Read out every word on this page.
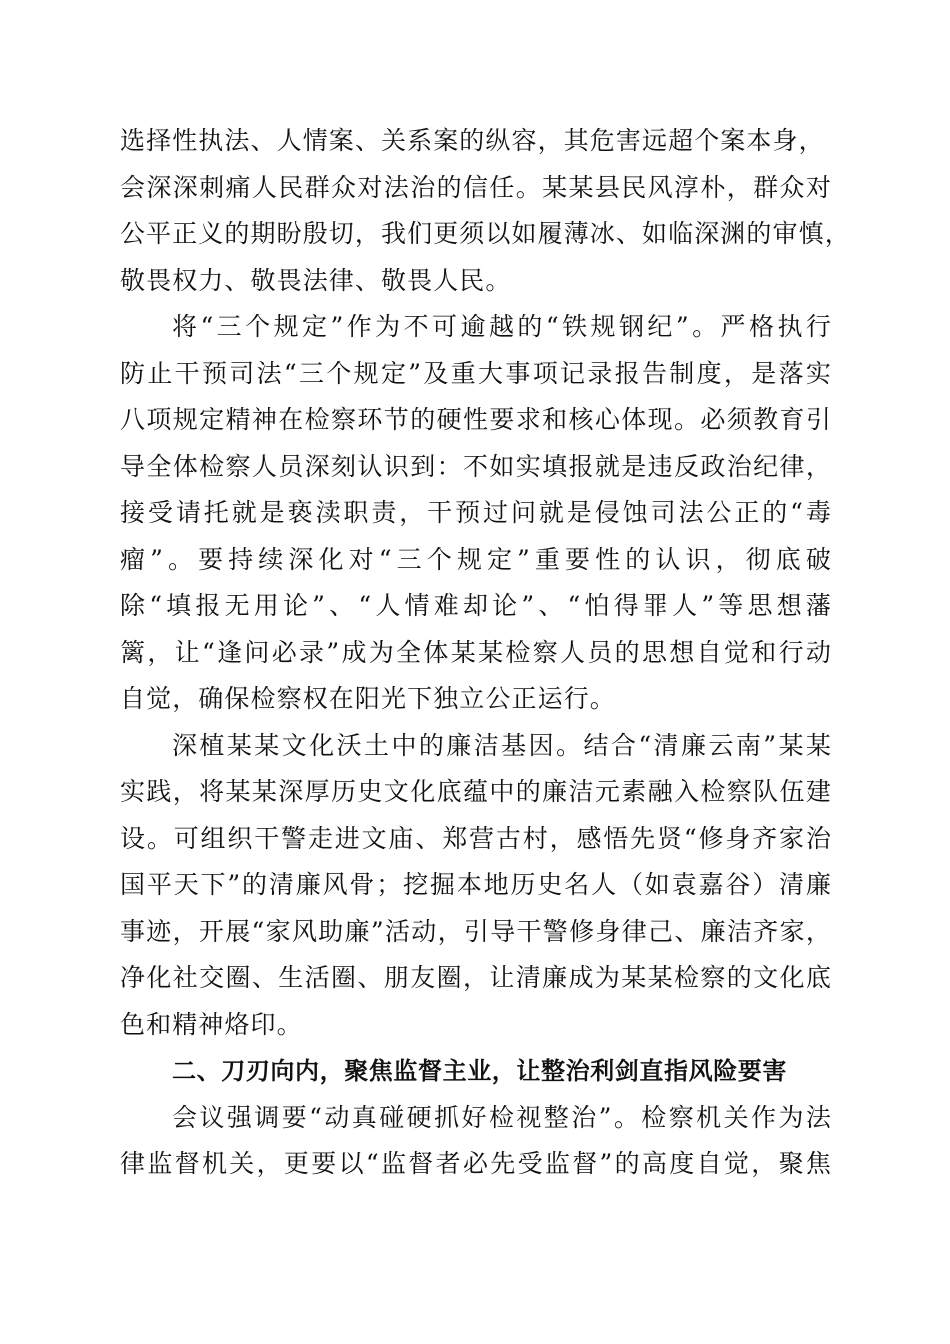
选择性执法、人情案、关系案的纵容，其危害远超个案本身，
会深深刺痛人民群众对法治的信任。某某县民风淳朴，群众对
公平正义的期盼殷切，我们更须以如履薄冰、如临深渊的审慎，
敬畏权力、敬畏法律、敬畏人民。
将“三个规定”作为不可逾越的“铁规钢纪”。严格执行
防止干预司法“三个规定”及重大事项记录报告制度，是落实
八项规定精神在检察环节的硬性要求和核心体现。必须教育引
导全体检察人员深刻认识到：不如实填报就是违反政治纪律，
接受请托就是亵渎职责，干预过问就是侵蚀司法公正的“毒
瘤”。要持续深化对“三个规定”重要性的认识，彻底破
除“填报无用论”、“人情难却论”、“怕得罪人”等思想藩
篱，让“逢问必录”成为全体某某检察人员的思想自觉和行动
自觉，确保检察权在阳光下独立公正运行。
深植某某文化沃土中的廉洁基因。结合“清廉云南”某某
实践，将某某深厚历史文化底蕴中的廉洁元素融入检察队伍建
设。可组织干警走进文庙、郑营古村，感悟先贤“修身齐家治
国平天下”的清廉风骨；挖掘本地历史名人（如袁嘉谷）清廉
事迹，开展“家风助廉”活动，引导干警修身律己、廉洁齐家，
净化社交圈、生活圈、朋友圈，让清廉成为某某检察的文化底
色和精神烙印。
二、刀刃向内，聚焦监督主业，让整治利剑直指风险要害
会议强调要“动真碰硬抓好检视整治”。检察机关作为法
律监督机关，更要以“监督者必先受监督”的高度自觉，聚焦
